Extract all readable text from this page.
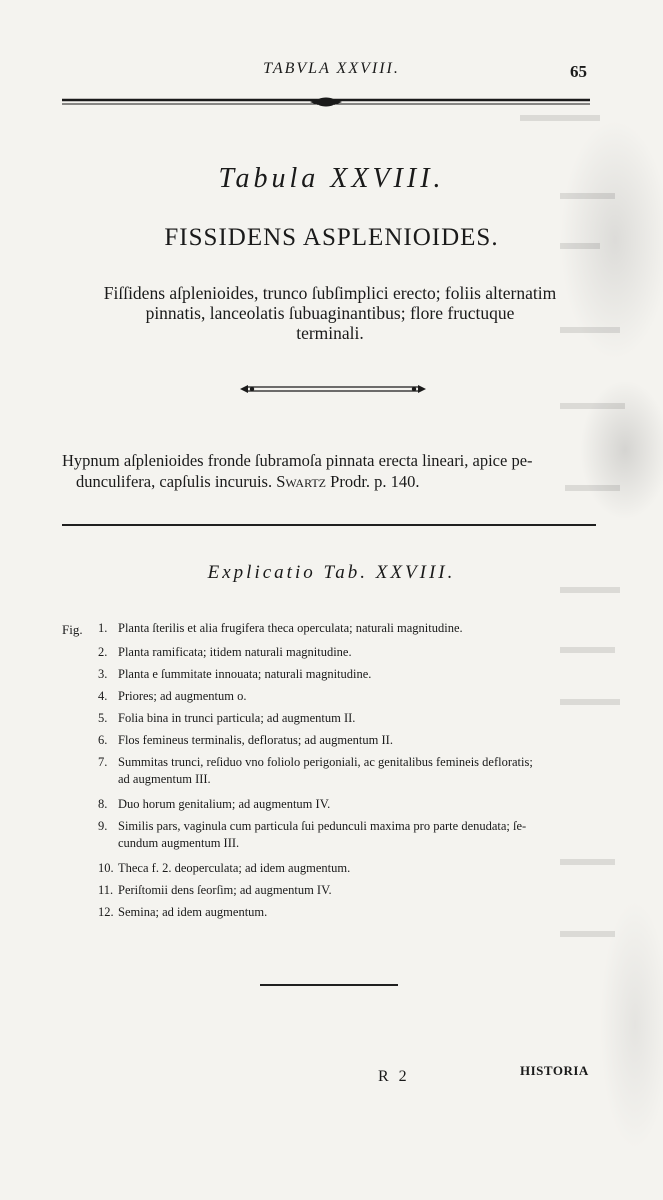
TABVLA XXVIII.	65
Tabula XXVIII.
FISSIDENS ASPLENIOIDES.

Fiſſidens aſplenioides, trunco ſubſimplici erecto; foliis alternatim

pinnatis, lanceolatis ſubuaginantibus; flore fructuque

terminali.

Hypnum aſplenioides fronde ſubramoſa pinnata erecta lineari, apice pe-
dunculifera, capſulis incuruis. Swartz Prodr. p. 140.
Explicatio Tab. XXVIII.
Fig. 1. Planta ſterilis et alia frugifera theca operculata; naturali magnitudine.
2. Planta ramificata; itidem naturali magnitudine.
3. Planta e ſummitate innouata; naturali magnitudine.
4. Priores; ad augmentum o.
5. Folia bina in trunci particula; ad augmentum II.
6. Flos femineus terminalis, defloratus; ad augmentum II.
7. Summitas trunci, reſiduo vno foliolo perigoniali, ac genitalibus femineis defloratis;
ad augmentum III.
8. Duo horum genitalium; ad augmentum IV.
9. Similis pars, vaginula cum particula ſui pedunculi maxima pro parte denudata; ſe-
cundum augmentum III.
10. Theca f. 2. deoperculata; ad idem augmentum.
11. Periſtomii dens ſeorſim; ad augmentum IV.
12. Semina; ad idem augmentum.
R 2	HISTORIA
